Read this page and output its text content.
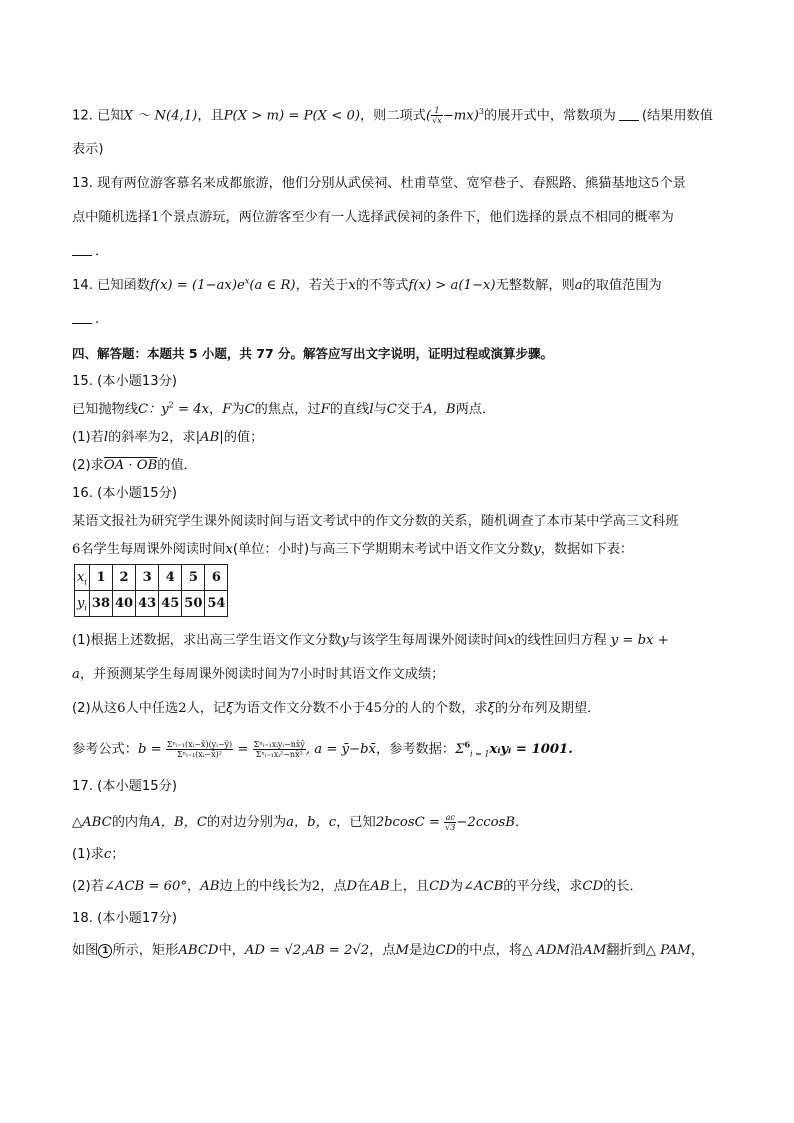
12. 已知X ～ N(4,1)，且P(X > m) = P(X < 0)，则二项式( $\frac{1}{√x} -mx)^3$的展开式中，常数项为 (结果用数值
表示)
13. 现有两位游客慕名来成都旅游，他们分别从武侯祠、杜甫草堂、宽窄巷子、春熙路、熊猫基地这5个景
点中随机选择1个景点游玩，两位游客至少有一人选择武侯祠的条件下，他们选择的景点不相同的概率为
．
14. 已知函数$f(x) = (1-ax)e^x(a$ ∈ R)，若关于x的不等式f(x) > a(1−x)无整数解，则a的取值范围为
.
四、解答题：本题共 5 小题，共 77 分。解答应写出文字说明，证明过程或演算步骤。
15. (本小题13分)
已知抛物线C：$y^2 = 4x$，F为C的焦点，过F的直线l与C交于A，B两点．
(1)若l的斜率为2，求|AB|的值；
(2)求OA · OB的值．
16. (本小题15分)
某语文报社为研究学生课外阅读时间与语文考试中的作文分数的关系，随机调查了本市某中学高三文科班
6名学生每周课外阅读时间x(单位：小时)与高三下学期期末考试中语文作文分数y，数据如下表：
$x_i$	1	2	3	4	5	6
$y_i$	38	40	43	45	50	54
(1)根据上述数据，求出高三学生语文作文分数y与该学生每周课外阅读时间x的线性回归方程 y = bx +
a，并预测某学生每周课外阅读时间为7小时时其语文作文成绩；
(2)从这6人中任选2人，记ξ为语文作文分数不小于45分的人的个数，求ξ的分布列及期望．
参考公式：$b = \frac{\text{Σⁿᵢ₌₁(xᵢ−x̄)(yᵢ−ȳ)}}{\text{Σⁿᵢ₌₁(xᵢ−x̄)²}} = \frac{\text{Σⁿᵢ₌₁xᵢyᵢ−nx̄ȳ}}{\text{Σⁿᵢ₌₁xᵢ²−nx̄²}}$ , a = ȳ−bx̄，参考数据：$\Sigma^6_{i = 1}xᵢyᵢ = 1001$.
17. (本小题15分)
△ABC的内角A，B，C的对边分别为a，b，c，已知$2bcosC = \frac{ac}{√3} -2ccosB$．
(1)求c；
(2)若∠ACB = 60°，AB边上的中线长为2，点D在AB上，且CD为∠ACB的平分线，求CD的长．
18. (本小题17分)
如图 1 所示，矩形ABCD中，AD = √2,AB = 2√2，点M是边CD的中点，将△ ADM沿AM翻折到△ PAM，
